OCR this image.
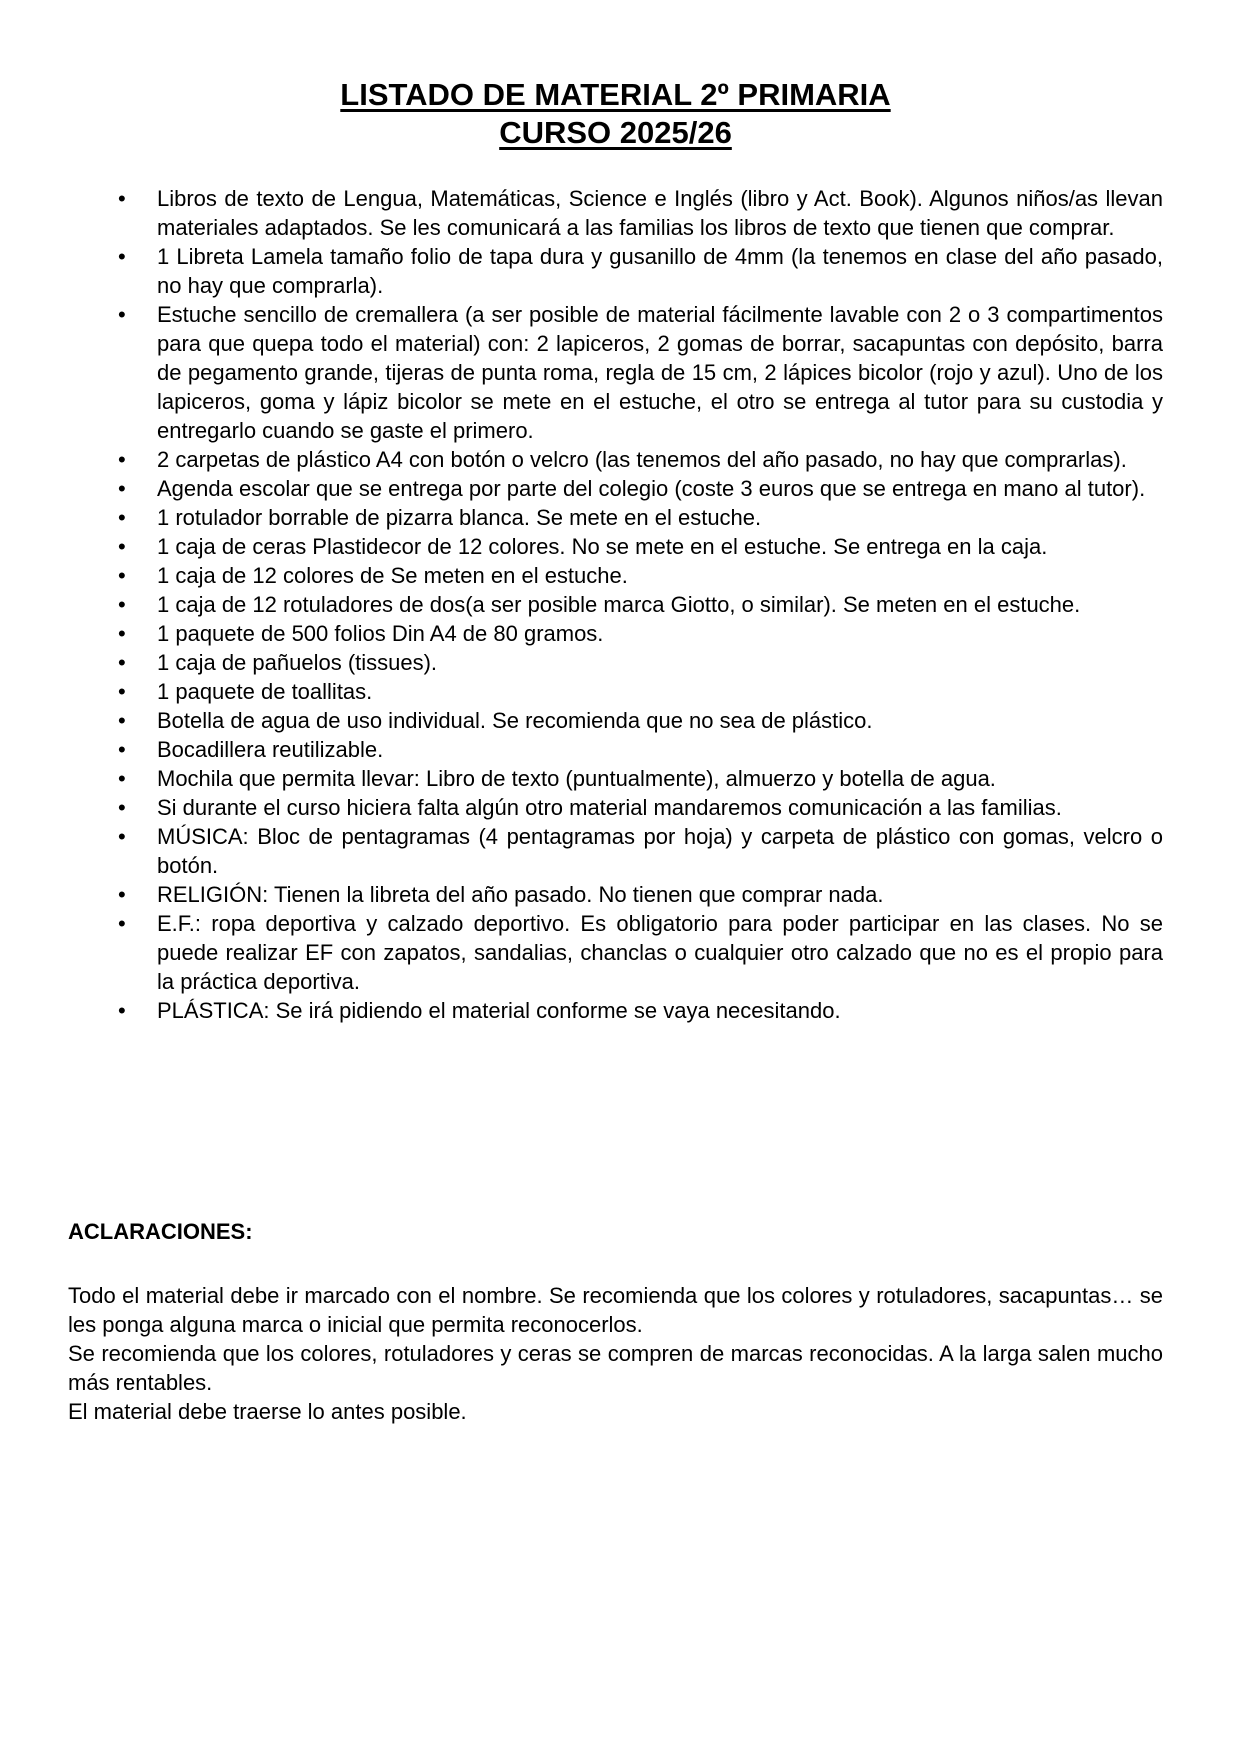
LISTADO DE MATERIAL 2º PRIMARIA
CURSO 2025/26
• Libros de texto de Lengua, Matemáticas, Science e Inglés (libro y Act. Book). Algunos niños/as llevan materiales adaptados. Se les comunicará a las familias los libros de texto que tienen que comprar.
• 1 Libreta Lamela tamaño folio de tapa dura y gusanillo de 4mm (la tenemos en clase del año pasado, no hay que comprarla).
• Estuche sencillo de cremallera (a ser posible de material fácilmente lavable con 2 o 3 compartimentos para que quepa todo el material) con: 2 lapiceros, 2 gomas de borrar, sacapuntas con depósito, barra de pegamento grande, tijeras de punta roma, regla de 15 cm, 2 lápices bicolor (rojo y azul). Uno de los lapiceros, goma y lápiz bicolor se mete en el estuche, el otro se entrega al tutor para su custodia y entregarlo cuando se gaste el primero.
• 2 carpetas de plástico A4 con botón o velcro (las tenemos del año pasado, no hay que comprarlas).
• Agenda escolar que se entrega por parte del colegio (coste 3 euros que se entrega en mano al tutor).
• 1 rotulador borrable de pizarra blanca. Se mete en el estuche.
• 1 caja de ceras Plastidecor de 12 colores. No se mete en el estuche. Se entrega en la caja.
• 1 caja de 12 colores de Se meten en el estuche.
• 1 caja de 12 rotuladores de dos(a ser posible marca Giotto, o similar). Se meten en el estuche.
• 1 paquete de 500 folios Din A4 de 80 gramos.
• 1 caja de pañuelos (tissues).
• 1 paquete de toallitas.
• Botella de agua de uso individual. Se recomienda que no sea de plástico.
• Bocadillera reutilizable.
• Mochila que permita llevar: Libro de texto (puntualmente), almuerzo y botella de agua.
• Si durante el curso hiciera falta algún otro material mandaremos comunicación a las familias.
• MÚSICA: Bloc de pentagramas (4 pentagramas por hoja) y carpeta de plástico con gomas, velcro o botón.
• RELIGIÓN: Tienen la libreta del año pasado. No tienen que comprar nada.
• E.F.: ropa deportiva y calzado deportivo. Es obligatorio para poder participar en las clases. No se puede realizar EF con zapatos, sandalias, chanclas o cualquier otro calzado que no es el propio para la práctica deportiva.
• PLÁSTICA: Se irá pidiendo el material conforme se vaya necesitando.
ACLARACIONES:

Todo el material debe ir marcado con el nombre. Se recomienda que los colores y rotuladores, sacapuntas… se les ponga alguna marca o inicial que permita reconocerlos.

Se recomienda que los colores, rotuladores y ceras se compren de marcas reconocidas. A la larga salen mucho más rentables.

El material debe traerse lo antes posible.
